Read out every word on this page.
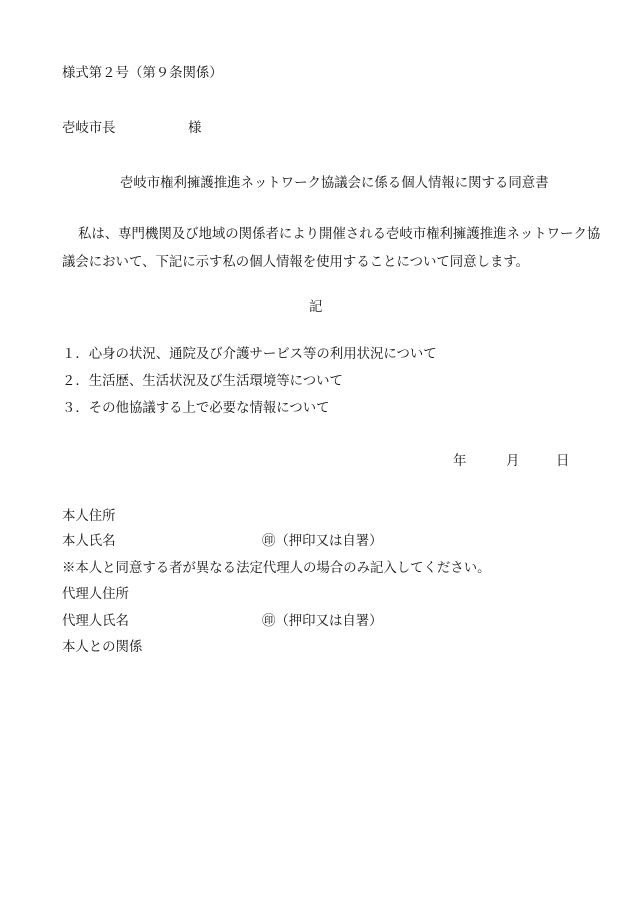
様式第２号（第９条関係）
壱岐市長	様
壱岐市権利擁護推進ネットワーク協議会に係る個人情報に関する同意書
私は、専門機関及び地域の関係者により開催される壱岐市権利擁護推進ネットワーク協
議会において、下記に示す私の個人情報を使用することについて同意します。
記
１．心身の状況、通院及び介護サービス等の利用状況について
２．生活歴、生活状況及び生活環境等について
３．その他協議する上で必要な情報について
年	月	日
本人住所
本人氏名	㊞（押印又は自署）
※本人と同意する者が異なる法定代理人の場合のみ記入してください。
代理人住所
代理人氏名	㊞（押印又は自署）
本人との関係
